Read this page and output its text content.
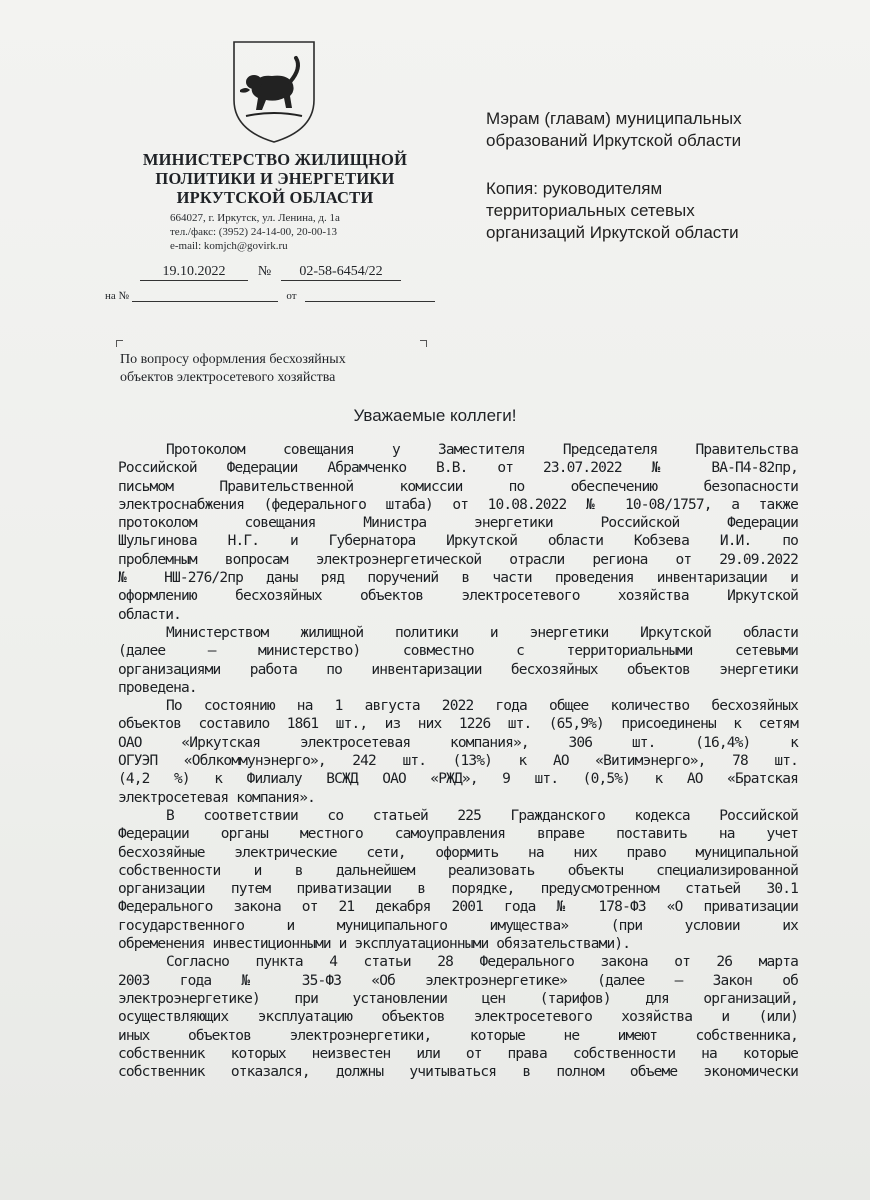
МИНИСТЕРСТВО ЖИЛИЩНОЙ
ПОЛИТИКИ И ЭНЕРГЕТИКИ
ИРКУТСКОЙ ОБЛАСТИ
664027, г. Иркутск, ул. Ленина, д. 1а
тел./факс: (3952) 24-14-00, 20-00-13
e-mail: komjch@govirk.ru
19.10.2022 № 02-58-6454/22
на №	от
По вопросу оформления бесхозяйных
объектов электросетевого хозяйства
Мэрам (главам) муниципальных
образований Иркутской области
Копия: руководителям
территориальных сетевых
организаций Иркутской области
Уважаемые коллеги!
Протоколом совещания у Заместителя Председателя Правительства
Российской Федерации Абрамченко В.В. от 23.07.2022 № ВА-П4-82пр,
письмом Правительственной комиссии по обеспечению безопасности
электроснабжения (федерального штаба) от 10.08.2022 № 10-08/1757, а также
протоколом совещания Министра энергетики Российской Федерации
Шульгинова Н.Г. и Губернатора Иркутской области Кобзева И.И. по
проблемным вопросам электроэнергетической отрасли региона от 29.09.2022
№ НШ-276/2пр даны ряд поручений в части проведения инвентаризации и
оформлению бесхозяйных объектов электросетевого хозяйства Иркутской
области.
Министерством жилищной политики и энергетики Иркутской области
(далее – министерство) совместно с территориальными сетевыми
организациями работа по инвентаризации бесхозяйных объектов энергетики
проведена.
По состоянию на 1 августа 2022 года общее количество бесхозяйных
объектов составило 1861 шт., из них 1226 шт. (65,9%) присоединены к сетям
ОАО «Иркутская электросетевая компания», 306 шт. (16,4%) к
ОГУЭП «Облкоммунэнерго», 242 шт. (13%) к АО «Витимэнерго», 78 шт.
(4,2 %) к Филиалу ВСЖД ОАО «РЖД», 9 шт. (0,5%) к АО «Братская
электросетевая компания».
В соответствии со статьей 225 Гражданского кодекса Российской
Федерации органы местного самоуправления вправе поставить на учет
бесхозяйные электрические сети, оформить на них право муниципальной
собственности и в дальнейшем реализовать объекты специализированной
организации путем приватизации в порядке, предусмотренном статьей 30.1
Федерального закона от 21 декабря 2001 года № 178-ФЗ «О приватизации
государственного и муниципального имущества» (при условии их
обременения инвестиционными и эксплуатационными обязательствами).
Согласно пункта 4 статьи 28 Федерального закона от 26 марта
2003 года № 35-ФЗ «Об электроэнергетике» (далее – Закон об
электроэнергетике) при установлении цен (тарифов) для организаций,
осуществляющих эксплуатацию объектов электросетевого хозяйства и (или)
иных объектов электроэнергетики, которые не имеют собственника,
собственник которых неизвестен или от права собственности на которые
собственник отказался, должны учитываться в полном объеме экономически
